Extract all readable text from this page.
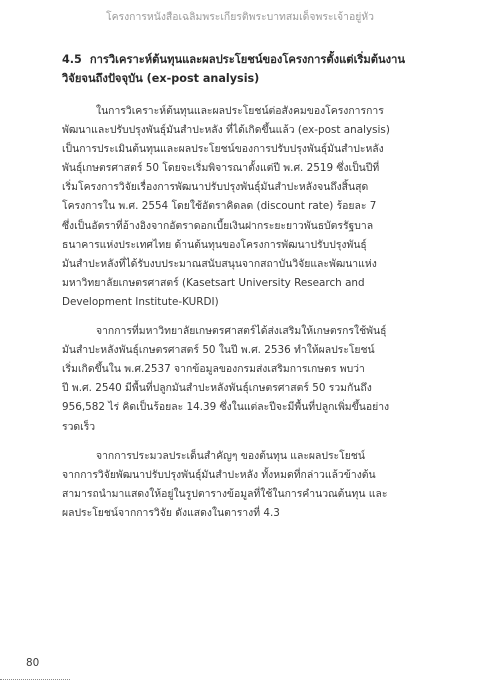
โครงการหนังสือเฉลิมพระเกียรติพระบาทสมเด็จพระเจ้าอยู่หัว
4.5 การวิเคราะห์ต้นทุนและผลประโยชน์ของโครงการตั้งแต่เริ่มต้นงาน
วิจัยจนถึงปัจจุบัน (ex-post analysis)
ในการวิเคราะห์ต้นทุนและผลประโยชน์ต่อสังคมของโครงการการ
พัฒนาและปรับปรุงพันธุ์มันสำปะหลัง ที่ได้เกิดขึ้นแล้ว (ex-post analysis)
เป็นการประเมินต้นทุนและผลประโยชน์ของการปรับปรุงพันธุ์มันสำปะหลัง
พันธุ์เกษตรศาสตร์ 50 โดยจะเริ่มพิจารณาตั้งแต่ปี พ.ศ. 2519 ซึ่งเป็นปีที่
เริ่มโครงการวิจัยเรื่องการพัฒนาปรับปรุงพันธุ์มันสำปะหลังจนถึงสิ้นสุด
โครงการใน พ.ศ. 2554 โดยใช้อัตราคิดลด (discount rate) ร้อยละ 7
ซึ่งเป็นอัตราที่อ้างอิงจากอัตราดอกเบี้ยเงินฝากระยะยาวพันธบัตรรัฐบาล
ธนาคารแห่งประเทศไทย ด้านต้นทุนของโครงการพัฒนาปรับปรุงพันธุ์
มันสำปะหลังที่ได้รับงบประมาณสนับสนุนจากสถาบันวิจัยและพัฒนาแห่ง
มหาวิทยาลัยเกษตรศาสตร์ (Kasetsart University Research and
Development Institute-KURDI)
จากการที่มหาวิทยาลัยเกษตรศาสตร์ได้ส่งเสริมให้เกษตรกรใช้พันธุ์
มันสำปะหลังพันธุ์เกษตรศาสตร์ 50 ในปี พ.ศ. 2536 ทำให้ผลประโยชน์
เริ่มเกิดขึ้นใน พ.ศ.2537 จากข้อมูลของกรมส่งเสริมการเกษตร พบว่า
ปี พ.ศ. 2540 มีพื้นที่ปลูกมันสำปะหลังพันธุ์เกษตรศาสตร์ 50 รวมกันถึง
956,582 ไร่ คิดเป็นร้อยละ 14.39 ซึ่งในแต่ละปีจะมีพื้นที่ปลูกเพิ่มขึ้นอย่าง
รวดเร็ว
จากการประมวลประเด็นสำคัญๆ ของต้นทุน และผลประโยชน์
จากการวิจัยพัฒนาปรับปรุงพันธุ์มันสำปะหลัง ทั้งหมดที่กล่าวแล้วข้างต้น
สามารถนำมาแสดงให้อยู่ในรูปตารางข้อมูลที่ใช้ในการคำนวณต้นทุน และ
ผลประโยชน์จากการวิจัย ดังแสดงในตารางที่ 4.3
80
